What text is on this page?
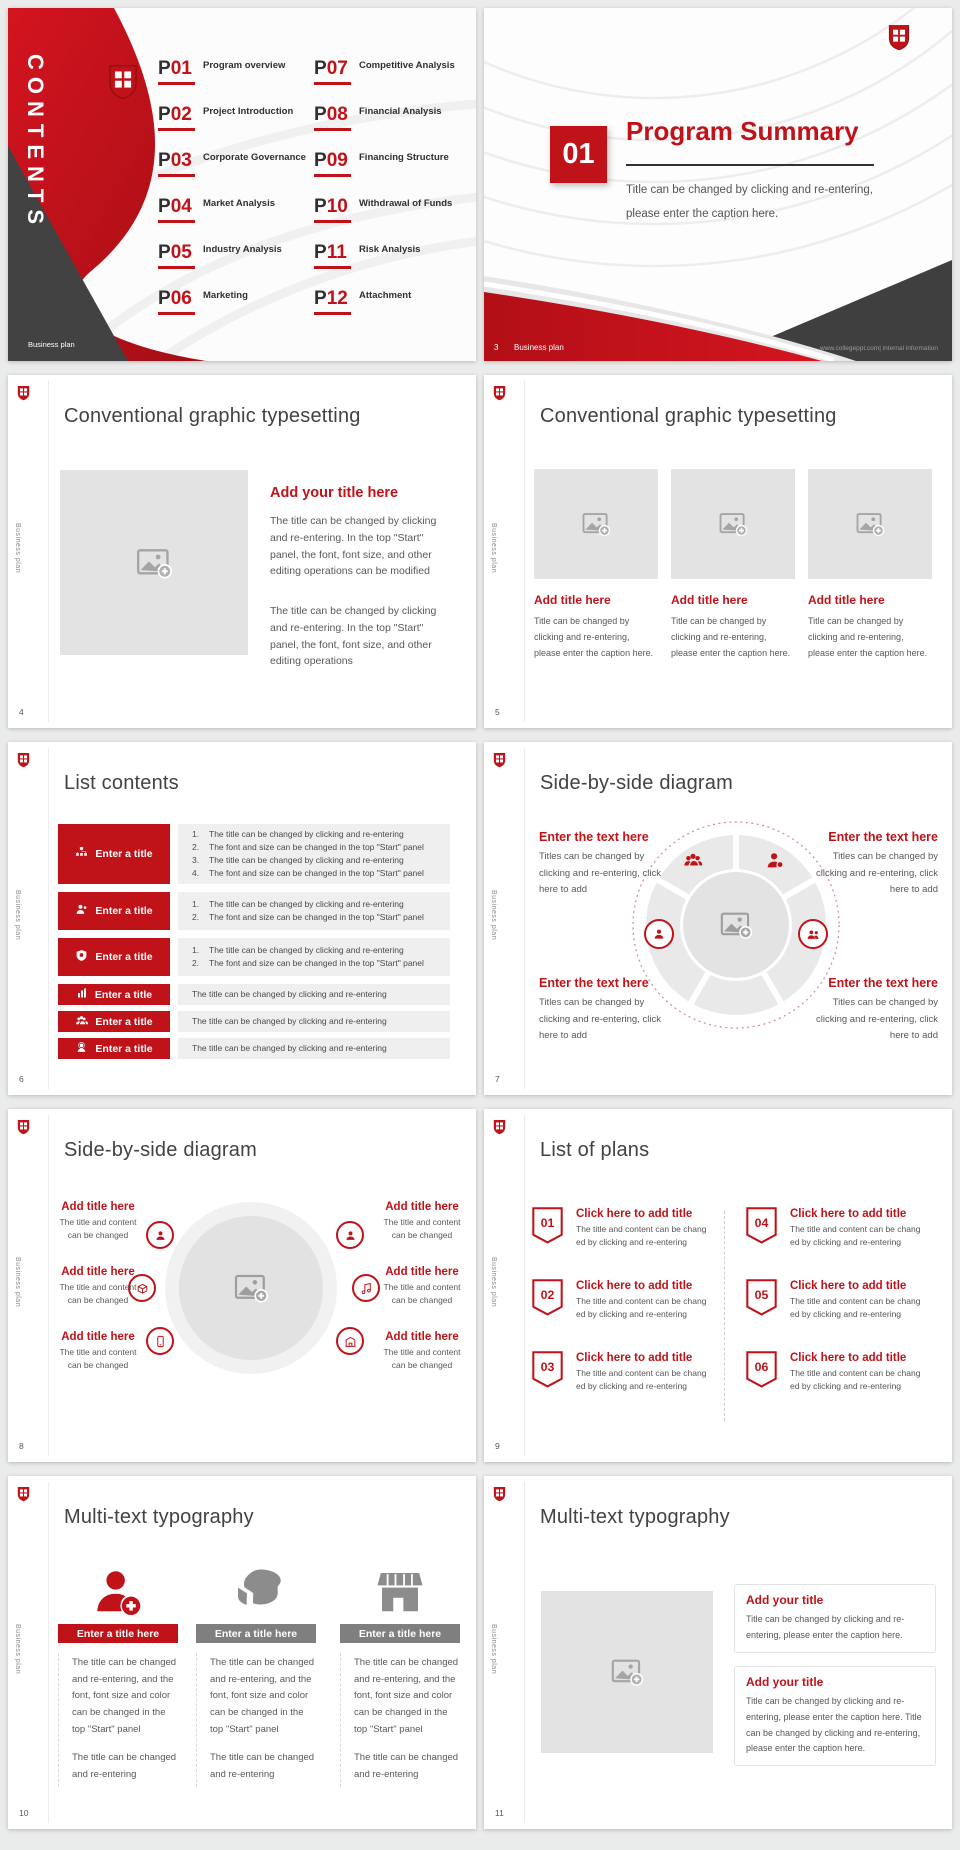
CONTENTS	P01	Program overview
P02	Project Introduction
P03	Corporate Governance
P04	Market Analysis
P05	Industry Analysis
P06	Marketing
P07	Competitive Analysis
P08	Financial Analysis
P09	Financing Structure
P10	Withdrawal of Funds
P11	Risk Analysis
P12	Attachment
Business plan
01
Program Summary
Title can be changed by clicking and re-entering,
please enter the caption here.
3 Business plan	www.collegeppt.com| internal information
Business plan
4
Conventional graphic typesetting
Add your title here
The title can be changed by clicking and re-entering. In the top "Start" panel, the font, font size, and other editing operations can be modified
The title can be changed by clicking and re-entering. In the top "Start" panel, the font, font size, and other editing operations
Business plan
5
Conventional graphic typesetting
Add title here	Add title here	Add title here
Title can be changed by clicking and re-entering, please enter the caption here.
Title can be changed by clicking and re-entering, please enter the caption here.
Title can be changed by clicking and re-entering, please enter the caption here.
Business plan
6
List contents
Enter a title
1.	The title can be changed by clicking and re-entering
2.	The font and size can be changed in the top "Start" panel
3.	The title can be changed by clicking and re-entering
4.	The font and size can be changed in the top "Start" panel
Enter a title
1.	The title can be changed by clicking and re-entering
2.	The font and size can be changed in the top "Start" panel
Enter a title
1.	The title can be changed by clicking and re-entering
2.	The font and size can be changed in the top "Start" panel
Enter a title	The title can be changed by clicking and re-entering
Enter a title	The title can be changed by clicking and re-entering
Enter a title	The title can be changed by clicking and re-entering
Business plan
7
Side-by-side diagram
Enter the text here
Titles can be changed by clicking and re-entering, click here to add
Enter the text here
Titles can be changed by clicking and re-entering, click here to add
Enter the text here
Titles can be changed by clicking and re-entering, click here to add
Enter the text here
Titles can be changed by clicking and re-entering, click here to add
Business plan
8
Side-by-side diagram
Add title here
The title and content can be changed
Add title here
The title and content can be changed
Add title here
The title and content can be changed
Add title here
The title and content can be changed
Add title here
The title and content can be changed
Add title here
The title and content can be changed
Business plan
9
List of plans
01
Click here to add title
The title and content can be chang
ed by clicking and re-entering
02
Click here to add title
The title and content can be chang
ed by clicking and re-entering
03
Click here to add title
The title and content can be chang
ed by clicking and re-entering
04
Click here to add title
The title and content can be chang
ed by clicking and re-entering
05
Click here to add title
The title and content can be chang
ed by clicking and re-entering
06
Click here to add title
The title and content can be chang
ed by clicking and re-entering
Business plan
10
Multi-text typography
Enter a title here

The title can be changed and re-entering, and the font, font size and color can be changed in the top "Start" panel

The title can be changed and re-entering

Enter a title here

The title can be changed and re-entering, and the font, font size and color can be changed in the top "Start" panel

The title can be changed and re-entering

Enter a title here

The title can be changed and re-entering, and the font, font size and color can be changed in the top "Start" panel

The title can be changed and re-entering

Business plan
11
Multi-text typography
Add your title
Title can be changed by clicking and re-entering, please enter the caption here.
Add your title
Title can be changed by clicking and re-entering, please enter the caption here. Title can be changed by clicking and re-entering, please enter the caption here.
